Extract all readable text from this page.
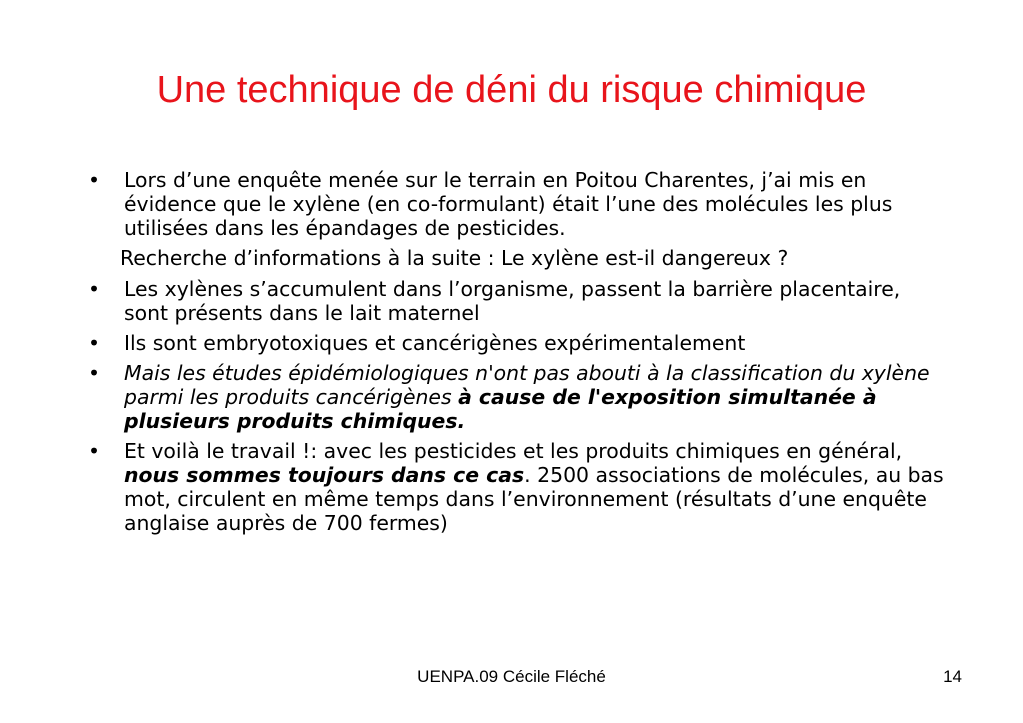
Une technique de déni du risque chimique
• Lors d’une enquête menée sur le terrain en Poitou Charentes, j’ai mis en évidence que le xylène (en co-formulant) était l’une des molécules les plus utilisées dans les épandages de pesticides.
Recherche d’informations à la suite : Le xylène est-il dangereux ?
• Les xylènes s’accumulent dans l’organisme, passent la barrière placentaire, sont présents dans le lait maternel
• Ils sont embryotoxiques et cancérigènes expérimentalement
• Mais les études épidémiologiques n'ont pas abouti à la classification du xylène parmi les produits cancérigènes à cause de l'exposition simultanée à plusieurs produits chimiques.
• Et voilà le travail !: avec les pesticides et les produits chimiques en général, nous sommes toujours dans ce cas. 2500 associations de molécules, au bas mot, circulent en même temps dans l’environnement (résultats d’une enquête anglaise auprès de 700 fermes)
UENPA.09 Cécile Fléché	14
